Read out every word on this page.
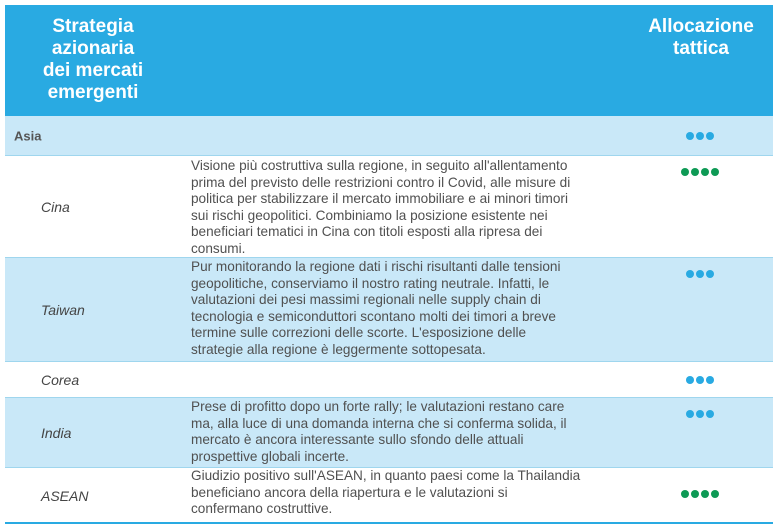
Strategia
azionaria
dei mercati
emergenti
Allocazione
tattica
Asia
Cina
Visione più costruttiva sulla regione, in seguito all'allentamento
prima del previsto delle restrizioni contro il Covid, alle misure di
politica per stabilizzare il mercato immobiliare e ai minori timori
sui rischi geopolitici. Combiniamo la posizione esistente nei
beneficiari tematici in Cina con titoli esposti alla ripresa dei
consumi.
Taiwan
Pur monitorando la regione dati i rischi risultanti dalle tensioni
geopolitiche, conserviamo il nostro rating neutrale. Infatti, le
valutazioni dei pesi massimi regionali nelle supply chain di
tecnologia e semiconduttori scontano molti dei timori a breve
termine sulle correzioni delle scorte. L'esposizione delle
strategie alla regione è leggermente sottopesata.
Corea
India
Prese di profitto dopo un forte rally; le valutazioni restano care
ma, alla luce di una domanda interna che si conferma solida, il
mercato è ancora interessante sullo sfondo delle attuali
prospettive globali incerte.
ASEAN
Giudizio positivo sull'ASEAN, in quanto paesi come la Thailandia
beneficiano ancora della riapertura e le valutazioni si
confermano costruttive.
